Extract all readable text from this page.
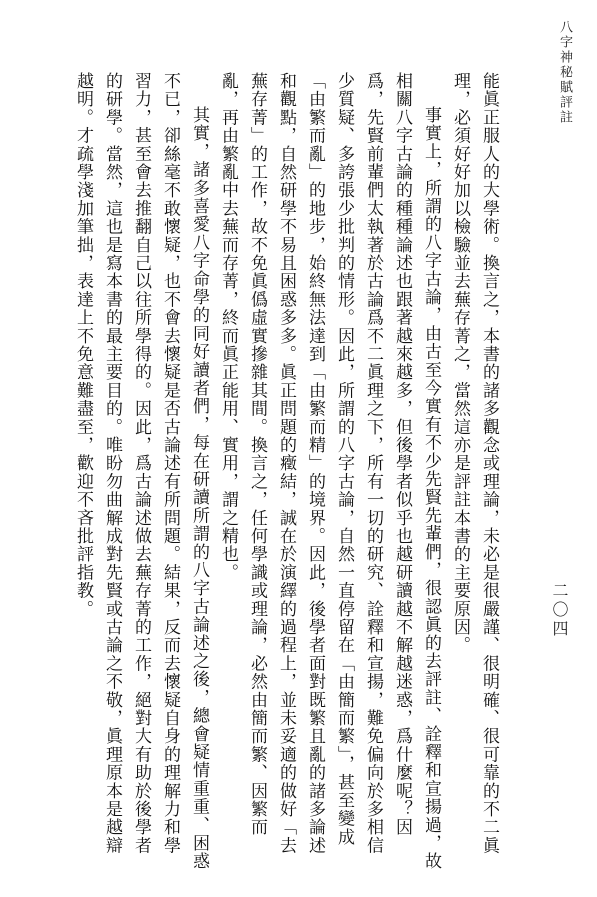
八字神秘賦評註

能眞正服人的大學術。換言之，本書的諸多觀念或理論，未必是很嚴謹、很明確、很可靠的不二眞理，必須好好加以檢驗並去蕪存菁之，當然這亦是評註本書的主要原因。

事實上，所謂的八字古論，由古至今實有不少先賢先輩們，很認眞的去評註、詮釋和宣揚過，故相關八字古論的種種論述也跟著越來越多，但後學者似乎也越研讀越不解越迷惑，爲什麼呢？因爲，先賢前輩們太執著於古論爲不二眞理之下，所有一切的研究、詮釋和宣揚，難免偏向於多相信少質疑、多誇張少批判的情形。因此，所謂的八字古論，自然一直停留在「由簡而繁」，甚至變成「由繁而亂」的地步，始終無法達到「由繁而精」的境界。因此，後學者面對既繁且亂的諸多論述和觀點，自然研學不易且困惑多多。眞正問題的癥結，誠在於演繹的過程上，並未妥適的做好「去蕪存菁」的工作，故不免眞僞虛實摻雜其間。換言之，任何學識或理論，必然由簡而繁、因繁而亂，再由繁亂中去蕪而存菁，終而眞正能用、實用，謂之精也。

其實，諸多喜愛八字命學的同好讀者們，每在研讀所謂的八字古論述之後，總會疑情重重、困惑不已，卻絲毫不敢懷疑，也不會去懷疑是否古論述有所問題。結果，反而去懷疑自身的理解力和學習力，甚至會去推翻自己以往所學得的。因此，爲古論述做去蕪存菁的工作，絕對大有助於後學者的研學。當然，這也是寫本書的最主要目的。唯盼勿曲解成對先賢或古論之不敬，眞理原本是越辯越明。才疏學淺加筆拙，表達上不免意難盡至，歡迎不吝批評指教。	二〇四
